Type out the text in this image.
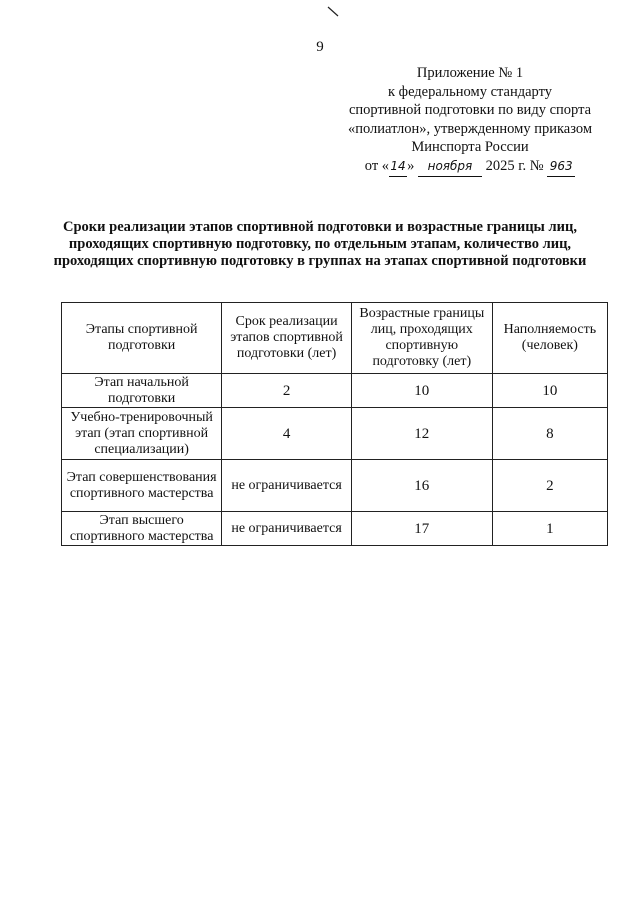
9
Приложение № 1
к федеральному стандарту
спортивной подготовки по виду спорта
«полиатлон», утвержденному приказом
Минспорта России
от «14» ноября 2025 г. № 963
Сроки реализации этапов спортивной подготовки и возрастные границы лиц, проходящих спортивную подготовку, по отдельным этапам, количество лиц, проходящих спортивную подготовку в группах на этапах спортивной подготовки
Этапы спортивной подготовки	Срок реализации этапов спортивной подготовки (лет)	Возрастные границы лиц, проходящих спортивную подготовку (лет)	Наполняемость (человек)
Этап начальной подготовки	2	10	10
Учебно-тренировочный этап (этап спортивной специализации)	4	12	8
Этап совершенствования спортивного мастерства	не ограничивается	16	2
Этап высшего спортивного мастерства	не ограничивается	17	1
